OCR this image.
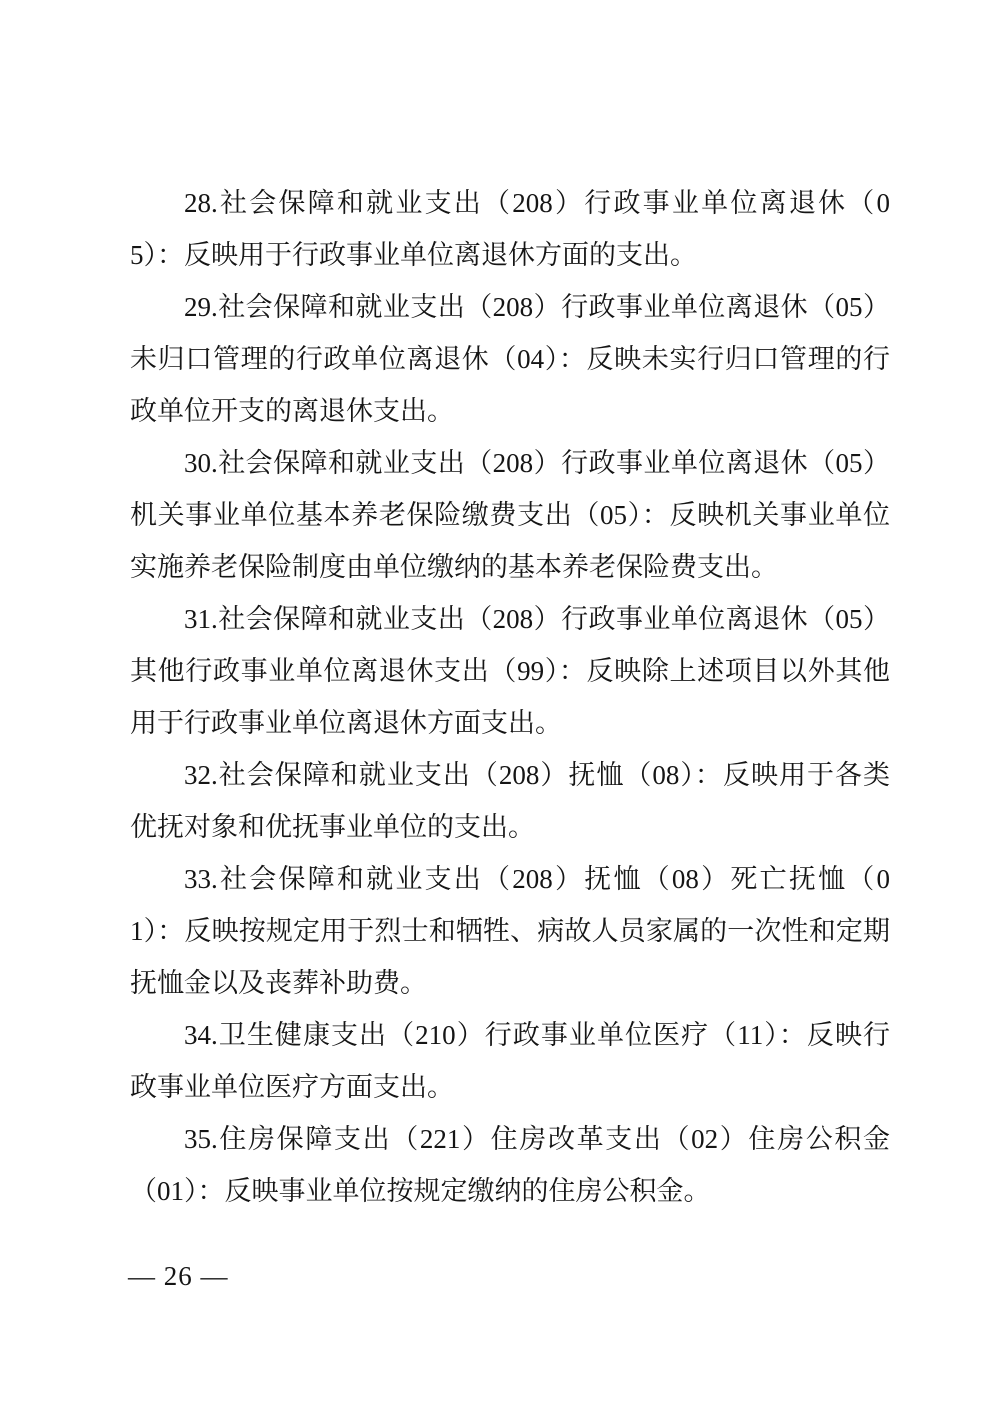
28.社会保障和就业支出（208）行政事业单位离退休（05）：反映用于行政事业单位离退休方面的支出。

29.社会保障和就业支出（208）行政事业单位离退休（05）未归口管理的行政单位离退休（04）：反映未实行归口管理的行政单位开支的离退休支出。

30.社会保障和就业支出（208）行政事业单位离退休（05）机关事业单位基本养老保险缴费支出（05）：反映机关事业单位实施养老保险制度由单位缴纳的基本养老保险费支出。

31.社会保障和就业支出（208）行政事业单位离退休（05）其他行政事业单位离退休支出（99）：反映除上述项目以外其他用于行政事业单位离退休方面支出。

32.社会保障和就业支出（208）抚恤（08）：反映用于各类优抚对象和优抚事业单位的支出。

33.社会保障和就业支出（208）抚恤（08）死亡抚恤（01）：反映按规定用于烈士和牺牲、病故人员家属的一次性和定期抚恤金以及丧葬补助费。

34.卫生健康支出（210）行政事业单位医疗（11）：反映行政事业单位医疗方面支出。

35.住房保障支出（221）住房改革支出（02）住房公积金（01）：反映事业单位按规定缴纳的住房公积金。

— 26 —
